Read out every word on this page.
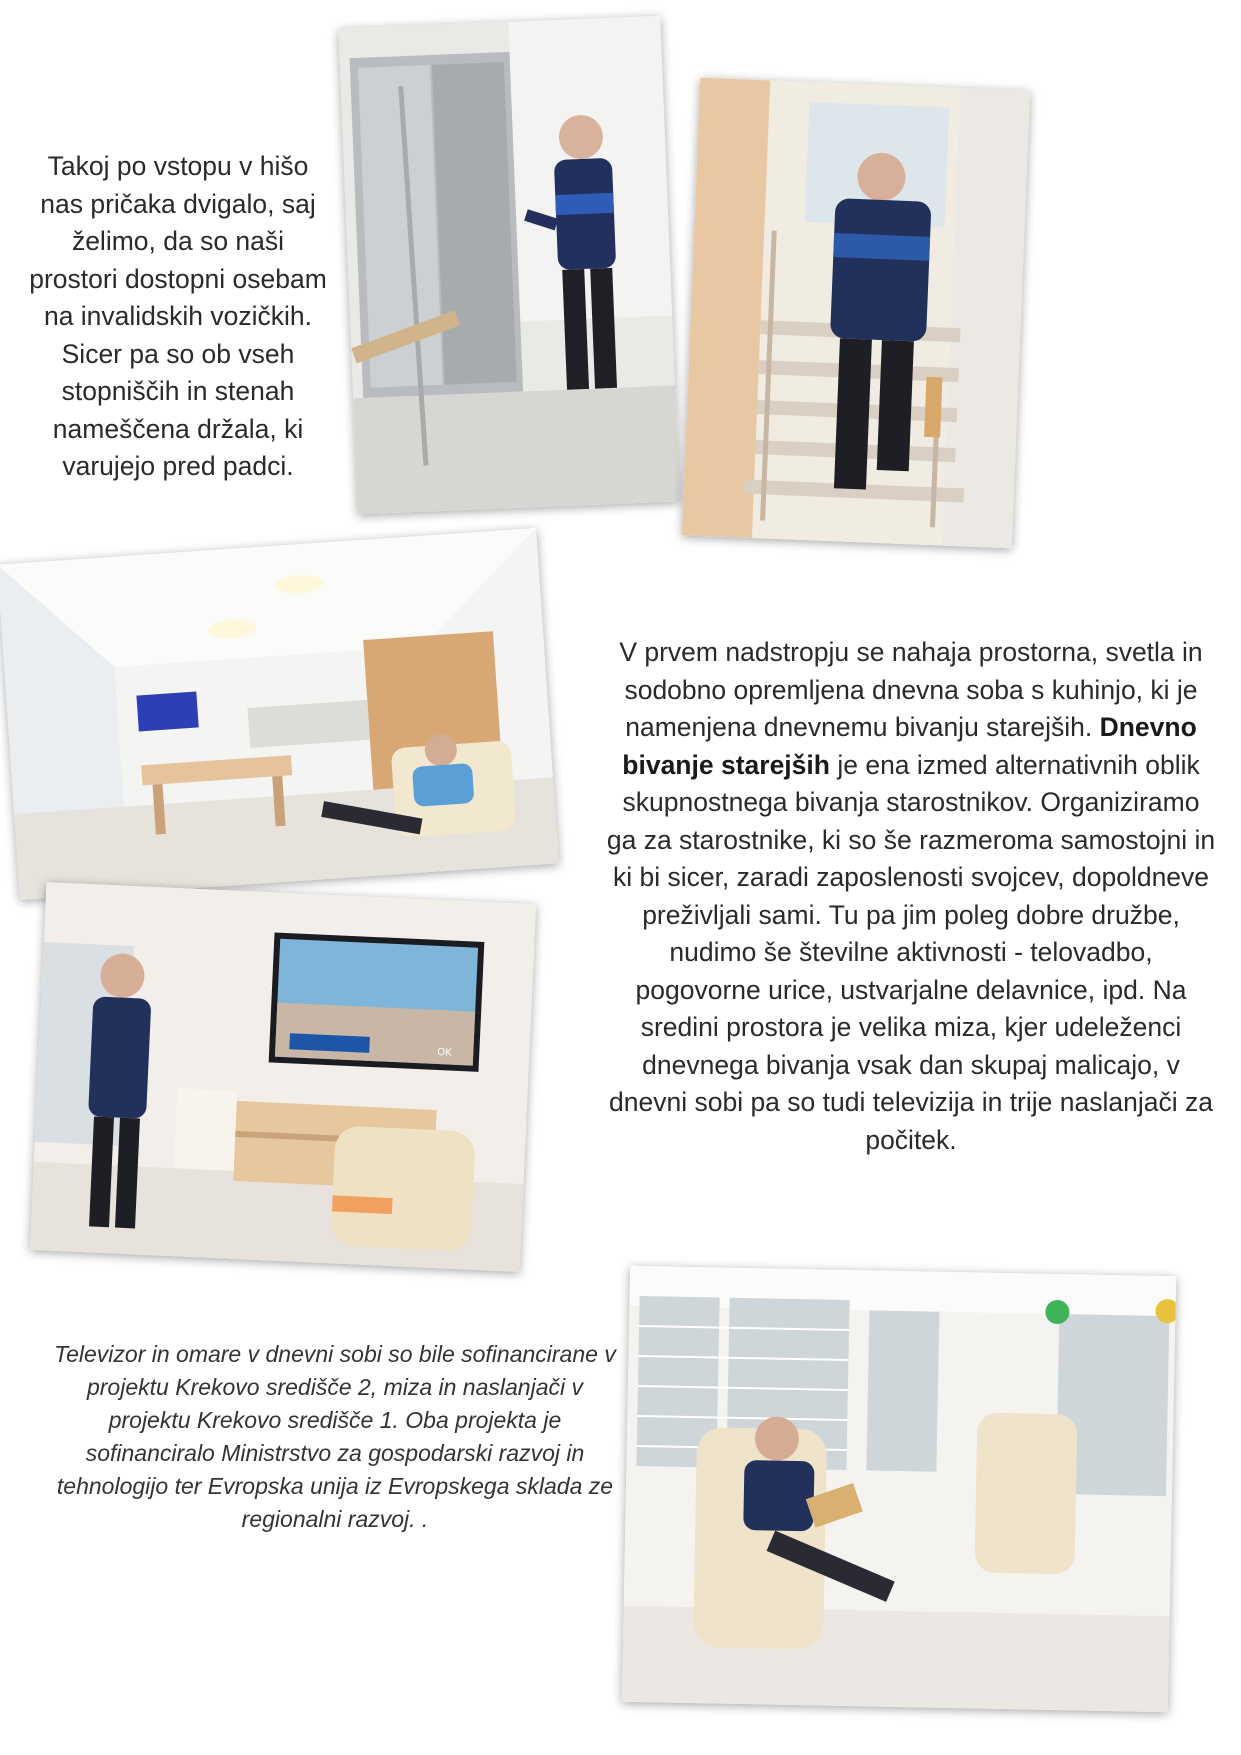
Takoj po vstopu v hišo nas pričaka dvigalo, saj želimo, da so naši prostori dostopni osebam na invalidskih vozičkih. Sicer pa so ob vseh stopniščih in stenah nameščena držala, ki varujejo pred padci.
OK
V prvem nadstropju se nahaja prostorna, svetla in sodobno opremljena dnevna soba s kuhinjo, ki je namenjena dnevnemu bivanju starejših. Dnevno bivanje starejših je ena izmed alternativnih oblik skupnostnega bivanja starostnikov. Organiziramo ga za starostnike, ki so še razmeroma samostojni in ki bi sicer, zaradi zaposlenosti svojcev, dopoldneve preživljali sami. Tu pa jim poleg dobre družbe, nudimo še številne aktivnosti - telovadbo, pogovorne urice, ustvarjalne delavnice, ipd. Na sredini prostora je velika miza, kjer udeleženci dnevnega bivanja vsak dan skupaj malicajo, v dnevni sobi pa so tudi televizija in trije naslanjači za počitek.
Televizor in omare v dnevni sobi so bile sofinancirane v projektu Krekovo središče 2, miza in naslanjači v projektu Krekovo središče 1. Oba projekta je sofinanciralo Ministrstvo za gospodarski razvoj in tehnologijo ter Evropska unija iz Evropskega sklada ze regionalni razvoj. .
